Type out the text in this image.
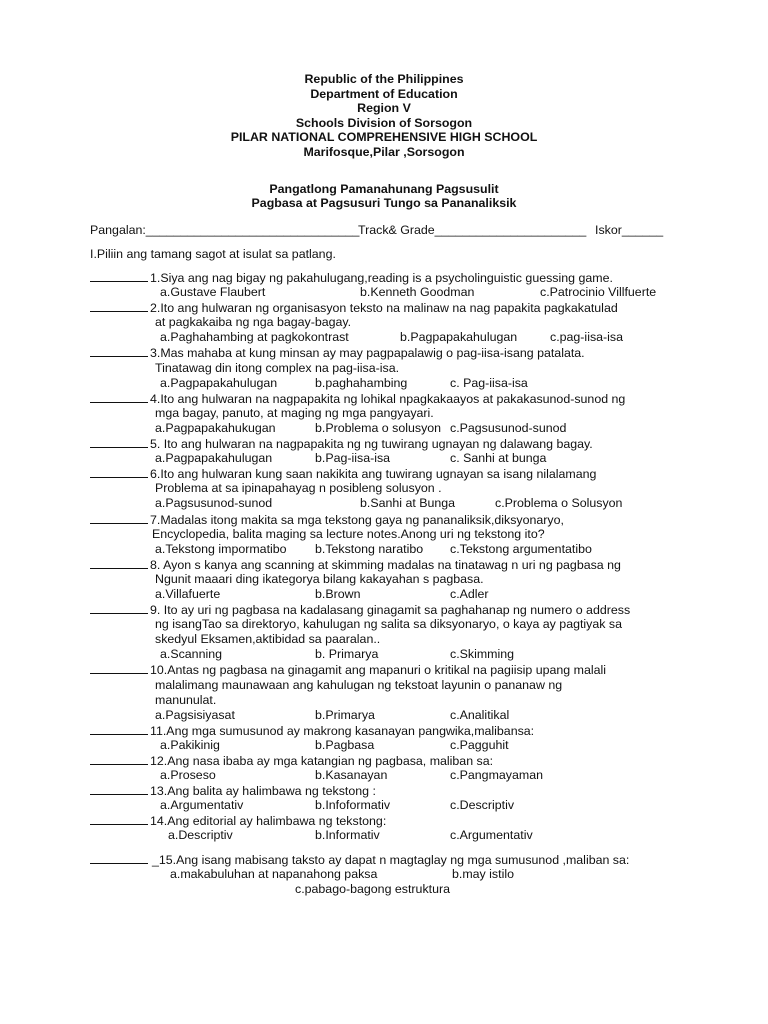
Republic of the Philippines
Department of Education
Region V
Schools Division of Sorsogon
PILAR NATIONAL COMPREHENSIVE HIGH SCHOOL
Marifosque,Pilar ,Sorsogon
Pangatlong Pamanahunang Pagsusulit
Pagbasa at Pagsusuri Tungo sa Pananaliksik
Pangalan:_______________________________
Track& Grade______________________ Iskor______
I.Piliin ang tamang sagot at isulat sa patlang.
1.Siya ang nag bigay ng pakahulugang,reading is a psycholinguistic guessing game.
a.Gustave Flaubert	b.Kenneth Goodman	c.Patrocinio Villfuerte
2.Ito ang hulwaran ng organisasyon teksto na malinaw na nag papakita pagkakatulad
at pagkakaiba ng nga bagay-bagay.
a.Paghahambing at pagkokontrast	b.Pagpapakahulugan	c.pag-iisa-isa
3.Mas mahaba at kung minsan ay may pagpapalawig o pag-iisa-isang patalata.
Tinatawag din itong complex na pag-iisa-isa.
a.Pagpapakahulugan	b.paghahambing	c. Pag-iisa-isa
4.Ito ang hulwaran na nagpapakita ng lohikal npagkakaayos at pakakasunod-sunod ng
mga bagay, panuto, at maging ng mga pangyayari.
a.Pagpapakahukugan	b.Problema o solusyon c.Pagsusunod-sunod
5. Ito ang hulwaran na nagpapakita ng ng tuwirang ugnayan ng dalawang bagay.
a.Pagpapakahulugan	b.Pag-iisa-isa	c. Sanhi at bunga
6.Ito ang hulwaran kung saan nakikita ang tuwirang ugnayan sa isang nilalamang
Problema at sa ipinapahayag n posibleng solusyon .
a.Pagsusunod-sunod	b.Sanhi at Bunga	c.Problema o Solusyon
7.Madalas itong makita sa mga tekstong gaya ng pananaliksik,diksyonaryo,
Encyclopedia, balita maging sa lecture notes.Anong uri ng tekstong ito?
a.Tekstong impormatibo b.Tekstong naratibo c.Tekstong argumentatibo
8. Ayon s kanya ang scanning at skimming madalas na tinatawag n uri ng pagbasa ng
Ngunit maaari ding ikategorya bilang kakayahan s pagbasa.
a.Villafuerte	b.Brown	c.Adler
9. Ito ay uri ng pagbasa na kadalasang ginagamit sa paghahanap ng numero o address
ng isangTao sa direktoryo, kahulugan ng salita sa diksyonaryo, o kaya ay pagtiyak sa
skedyul Eksamen,aktibidad sa paaralan..
a.Scanning	b. Primarya	c.Skimming
10.Antas ng pagbasa na ginagamit ang mapanuri o kritikal na pagiisip upang malali
malalimang maunawaan ang kahulugan ng tekstoat layunin o pananaw ng
manunulat.
a.Pagsisiyasat	b.Primarya	c.Analitikal
11.Ang mga sumusunod ay makrong kasanayan pangwika,malibansa:
a.Pakikinig	b.Pagbasa	c.Pagguhit
12.Ang nasa ibaba ay mga katangian ng pagbasa, maliban sa:
a.Proseso	b.Kasanayan	c.Pangmayaman
13.Ang balita ay halimbawa ng tekstong :
a.Argumentativ	b.Infoformativ	c.Descriptiv
14.Ang editorial ay halimbawa ng tekstong:
a.Descriptiv	b.Informativ	c.Argumentativ
_15.Ang isang mabisang taksto ay dapat n magtaglay ng mga sumusunod ,maliban sa:
a.makabuluhan at napanahong paksa	b.may istilo
c.pabago-bagong estruktura
